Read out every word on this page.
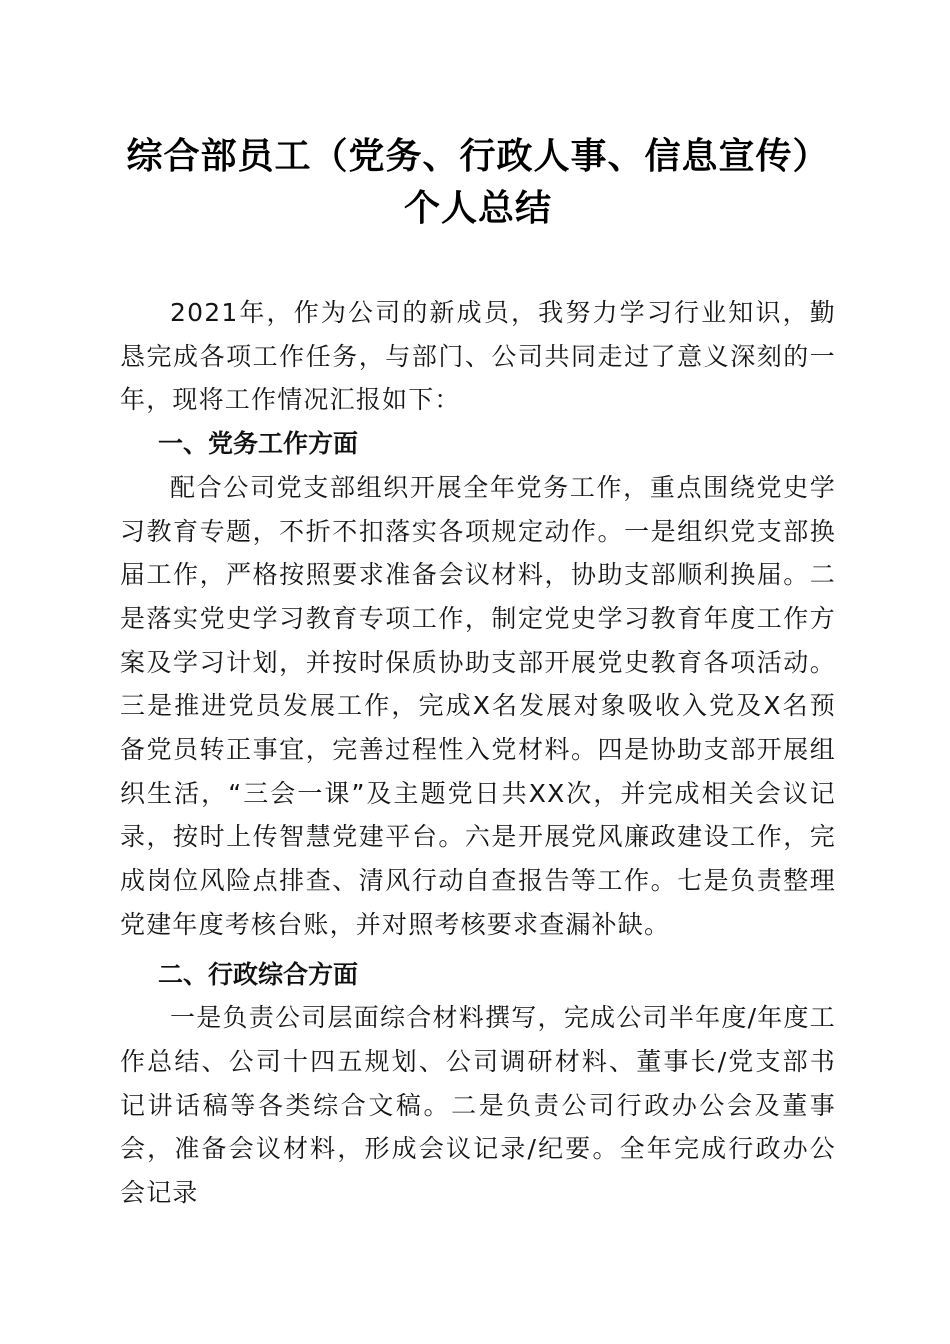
综合部员工（党务、行政人事、信息宣传）个人总结

2021年，作为公司的新成员，我努力学习行业知识，勤恳完成各项工作任务，与部门、公司共同走过了意义深刻的一年，现将工作情况汇报如下：

一、党务工作方面

配合公司党支部组织开展全年党务工作，重点围绕党史学习教育专题，不折不扣落实各项规定动作。一是组织党支部换届工作，严格按照要求准备会议材料，协助支部顺利换届。二是落实党史学习教育专项工作，制定党史学习教育年度工作方案及学习计划，并按时保质协助支部开展党史教育各项活动。三是推进党员发展工作，完成X名发展对象吸收入党及X名预备党员转正事宜，完善过程性入党材料。四是协助支部开展组织生活，“三会一课”及主题党日共XX次，并完成相关会议记录，按时上传智慧党建平台。六是开展党风廉政建设工作，完成岗位风险点排查、清风行动自查报告等工作。七是负责整理党建年度考核台账，并对照考核要求查漏补缺。

二、行政综合方面

一是负责公司层面综合材料撰写，完成公司半年度/年度工作总结、公司十四五规划、公司调研材料、董事长/党支部书记讲话稿等各类综合文稿。二是负责公司行政办公会及董事会，准备会议材料，形成会议记录/纪要。全年完成行政办公会记录
